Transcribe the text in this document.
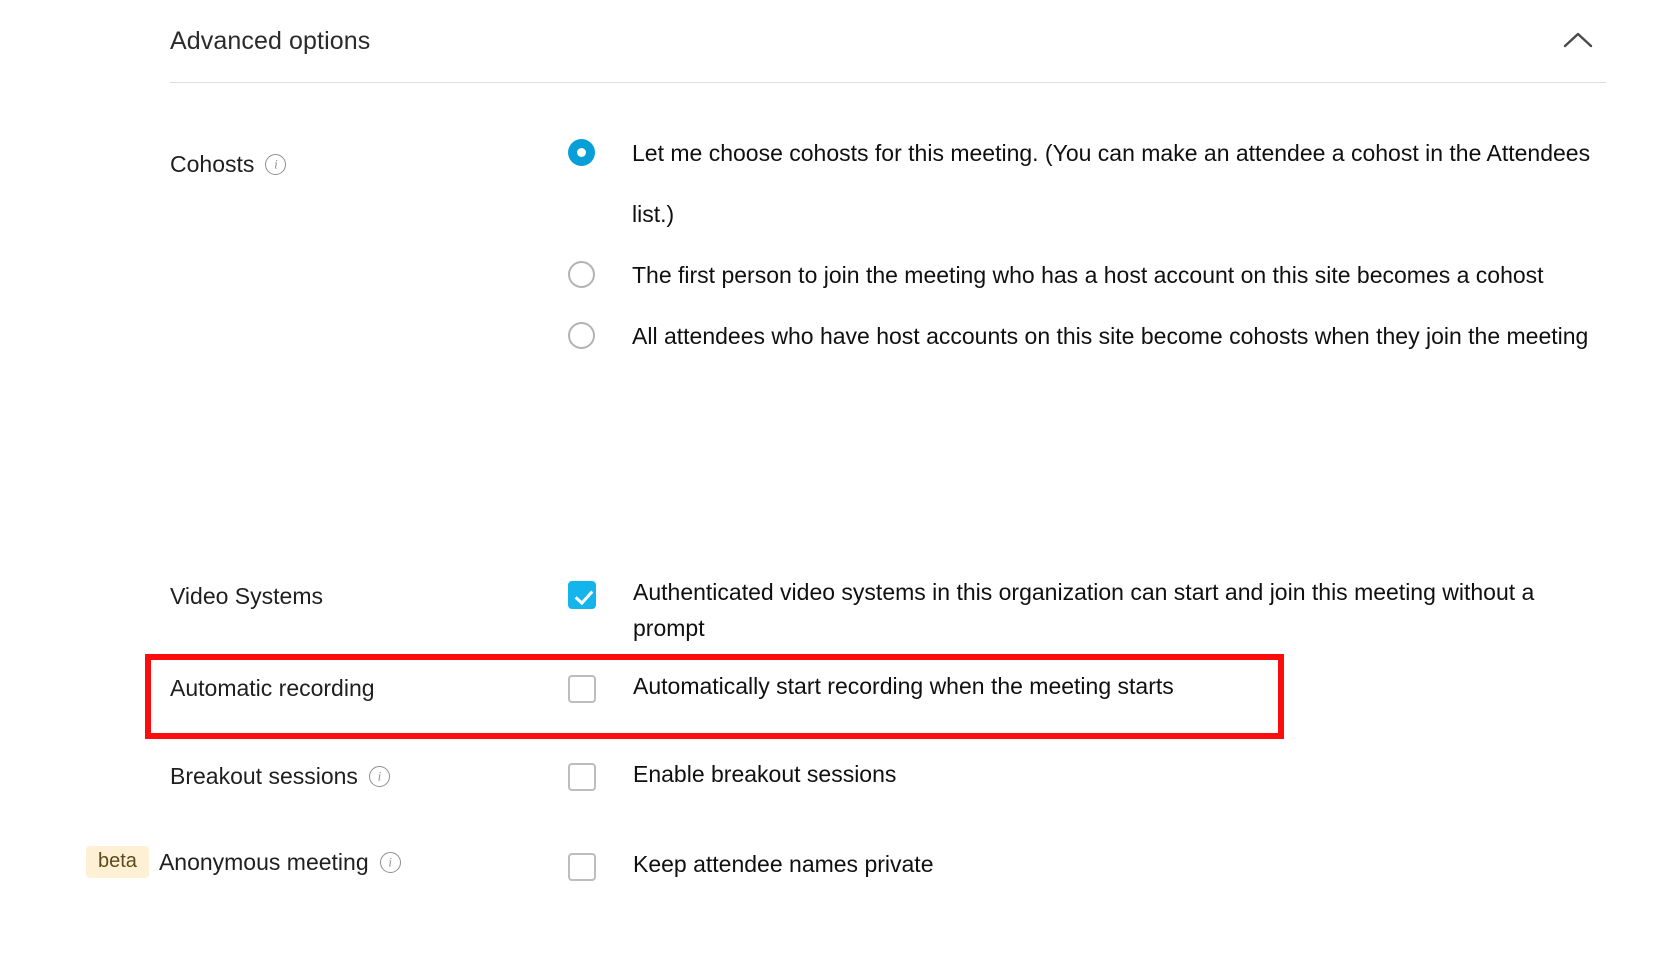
Advanced options
Cohosts i	Let me choose cohosts for this meeting. (You can make an attendee a cohost in the Attendees list.)
The first person to join the meeting who has a host account on this site becomes a cohost
All attendees who have host accounts on this site become cohosts when they join the meeting
Video Systems	Authenticated video systems in this organization can start and join this meeting without a prompt
Automatic recording	Automatically start recording when the meeting starts
Breakout sessions i	Enable breakout sessions
beta Anonymous meeting i	Keep attendee names private
